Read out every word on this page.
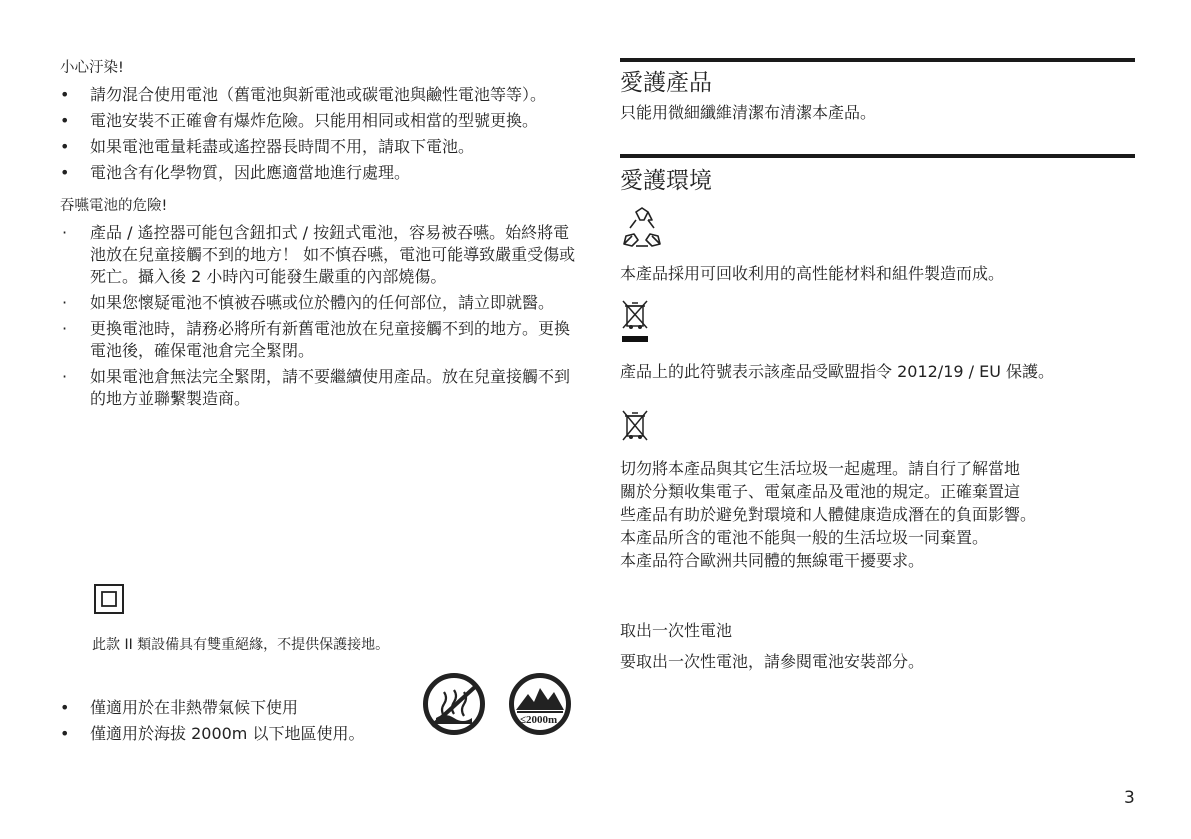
小心汙染!

• 請勿混合使用電池（舊電池與新電池或碳電池與鹼性電池等等）。
• 電池安裝不正確會有爆炸危險。只能用相同或相當的型號更換。
• 如果電池電量耗盡或遙控器長時間不用，請取下電池。
• 電池含有化學物質，因此應適當地進行處理。

吞嚥電池的危險!

· 產品 / 遙控器可能包含鈕扣式 / 按鈕式電池，容易被吞嚥。始終將電池放在兒童接觸不到的地方！ 如不慎吞嚥，電池可能導致嚴重受傷或死亡。攝入後 2 小時內可能發生嚴重的內部燒傷。
· 如果您懷疑電池不慎被吞嚥或位於體內的任何部位，請立即就醫。
· 更換電池時，請務必將所有新舊電池放在兒童接觸不到的地方。更換電池後，確保電池倉完全緊閉。
· 如果電池倉無法完全緊閉，請不要繼續使用產品。放在兒童接觸不到的地方並聯繫製造商。

此款 II 類設備具有雙重絕緣，不提供保護接地。

• 僅適用於在非熱帶氣候下使用
• 僅適用於海拔 2000m 以下地區使用。
≤2000m
愛護產品

只能用微細纖維清潔布清潔本產品。

愛護環境

本產品採用可回收利用的高性能材料和組件製造而成。

產品上的此符號表示該產品受歐盟指令 2012/19 / EU 保護。

切勿將本產品與其它生活垃圾一起處理。請自行了解當地

關於分類收集電子、電氣產品及電池的規定。正確棄置這

些產品有助於避免對環境和人體健康造成潛在的負面影響。

本產品所含的電池不能與一般的生活垃圾一同棄置。

本產品符合歐洲共同體的無線電干擾要求。

取出一次性電池

要取出一次性電池，請參閱電池安裝部分。

3
